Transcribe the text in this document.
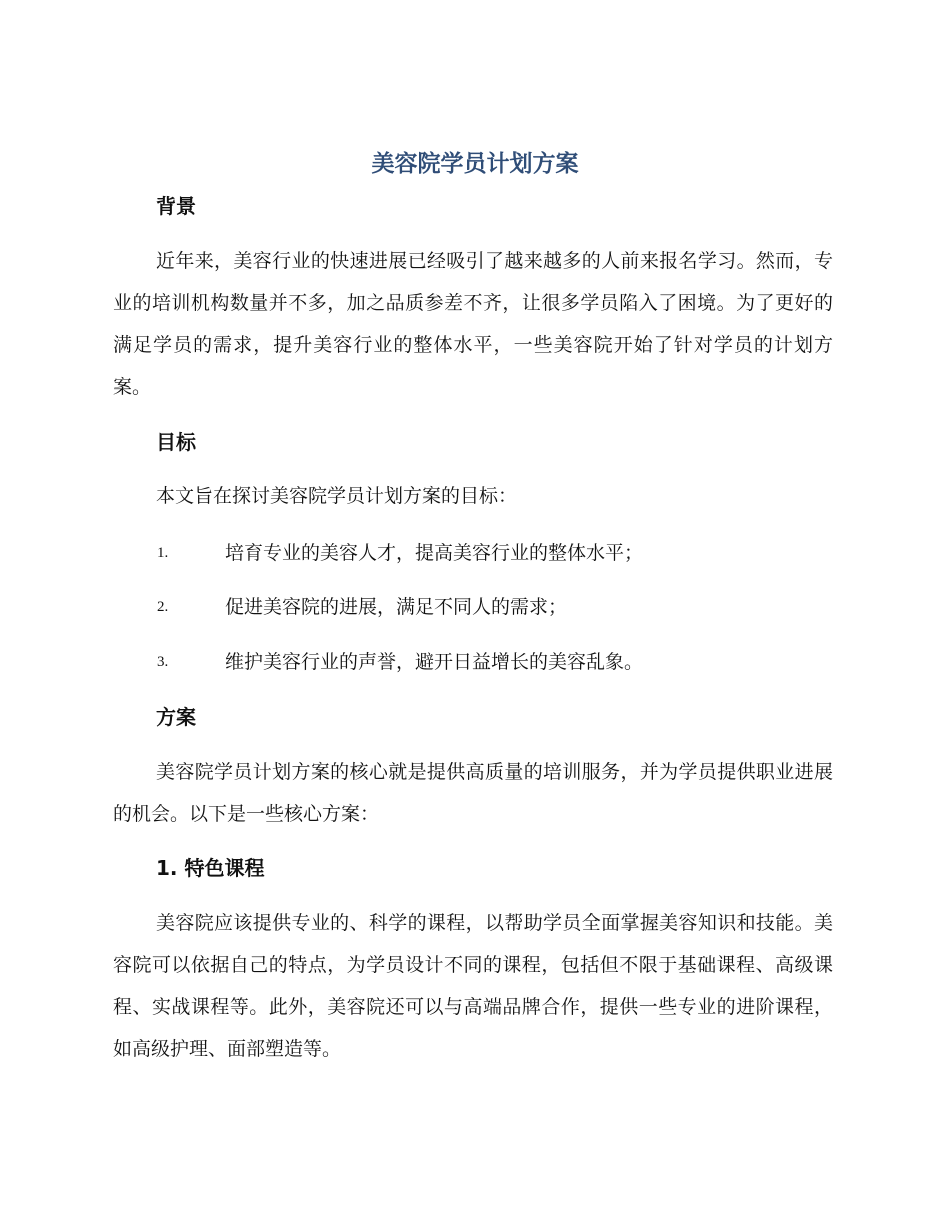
美容院学员计划方案
背景

近年来，美容行业的快速进展已经吸引了越来越多的人前来报名学习。然而，专业的培训机构数量并不多，加之品质参差不齐，让很多学员陷入了困境。为了更好的满足学员的需求，提升美容行业的整体水平，一些美容院开始了针对学员的计划方案。

目标

本文旨在探讨美容院学员计划方案的目标：

1.	培育专业的美容人才，提高美容行业的整体水平；
2.	促进美容院的进展，满足不同人的需求；
3.	维护美容行业的声誉，避开日益增长的美容乱象。
方案

美容院学员计划方案的核心就是提供高质量的培训服务，并为学员提供职业进展的机会。以下是一些核心方案：

1. 特色课程

美容院应该提供专业的、科学的课程，以帮助学员全面掌握美容知识和技能。美容院可以依据自己的特点，为学员设计不同的课程，包括但不限于基础课程、高级课程、实战课程等。此外，美容院还可以与高端品牌合作，提供一些专业的进阶课程，如高级护理、面部塑造等。
